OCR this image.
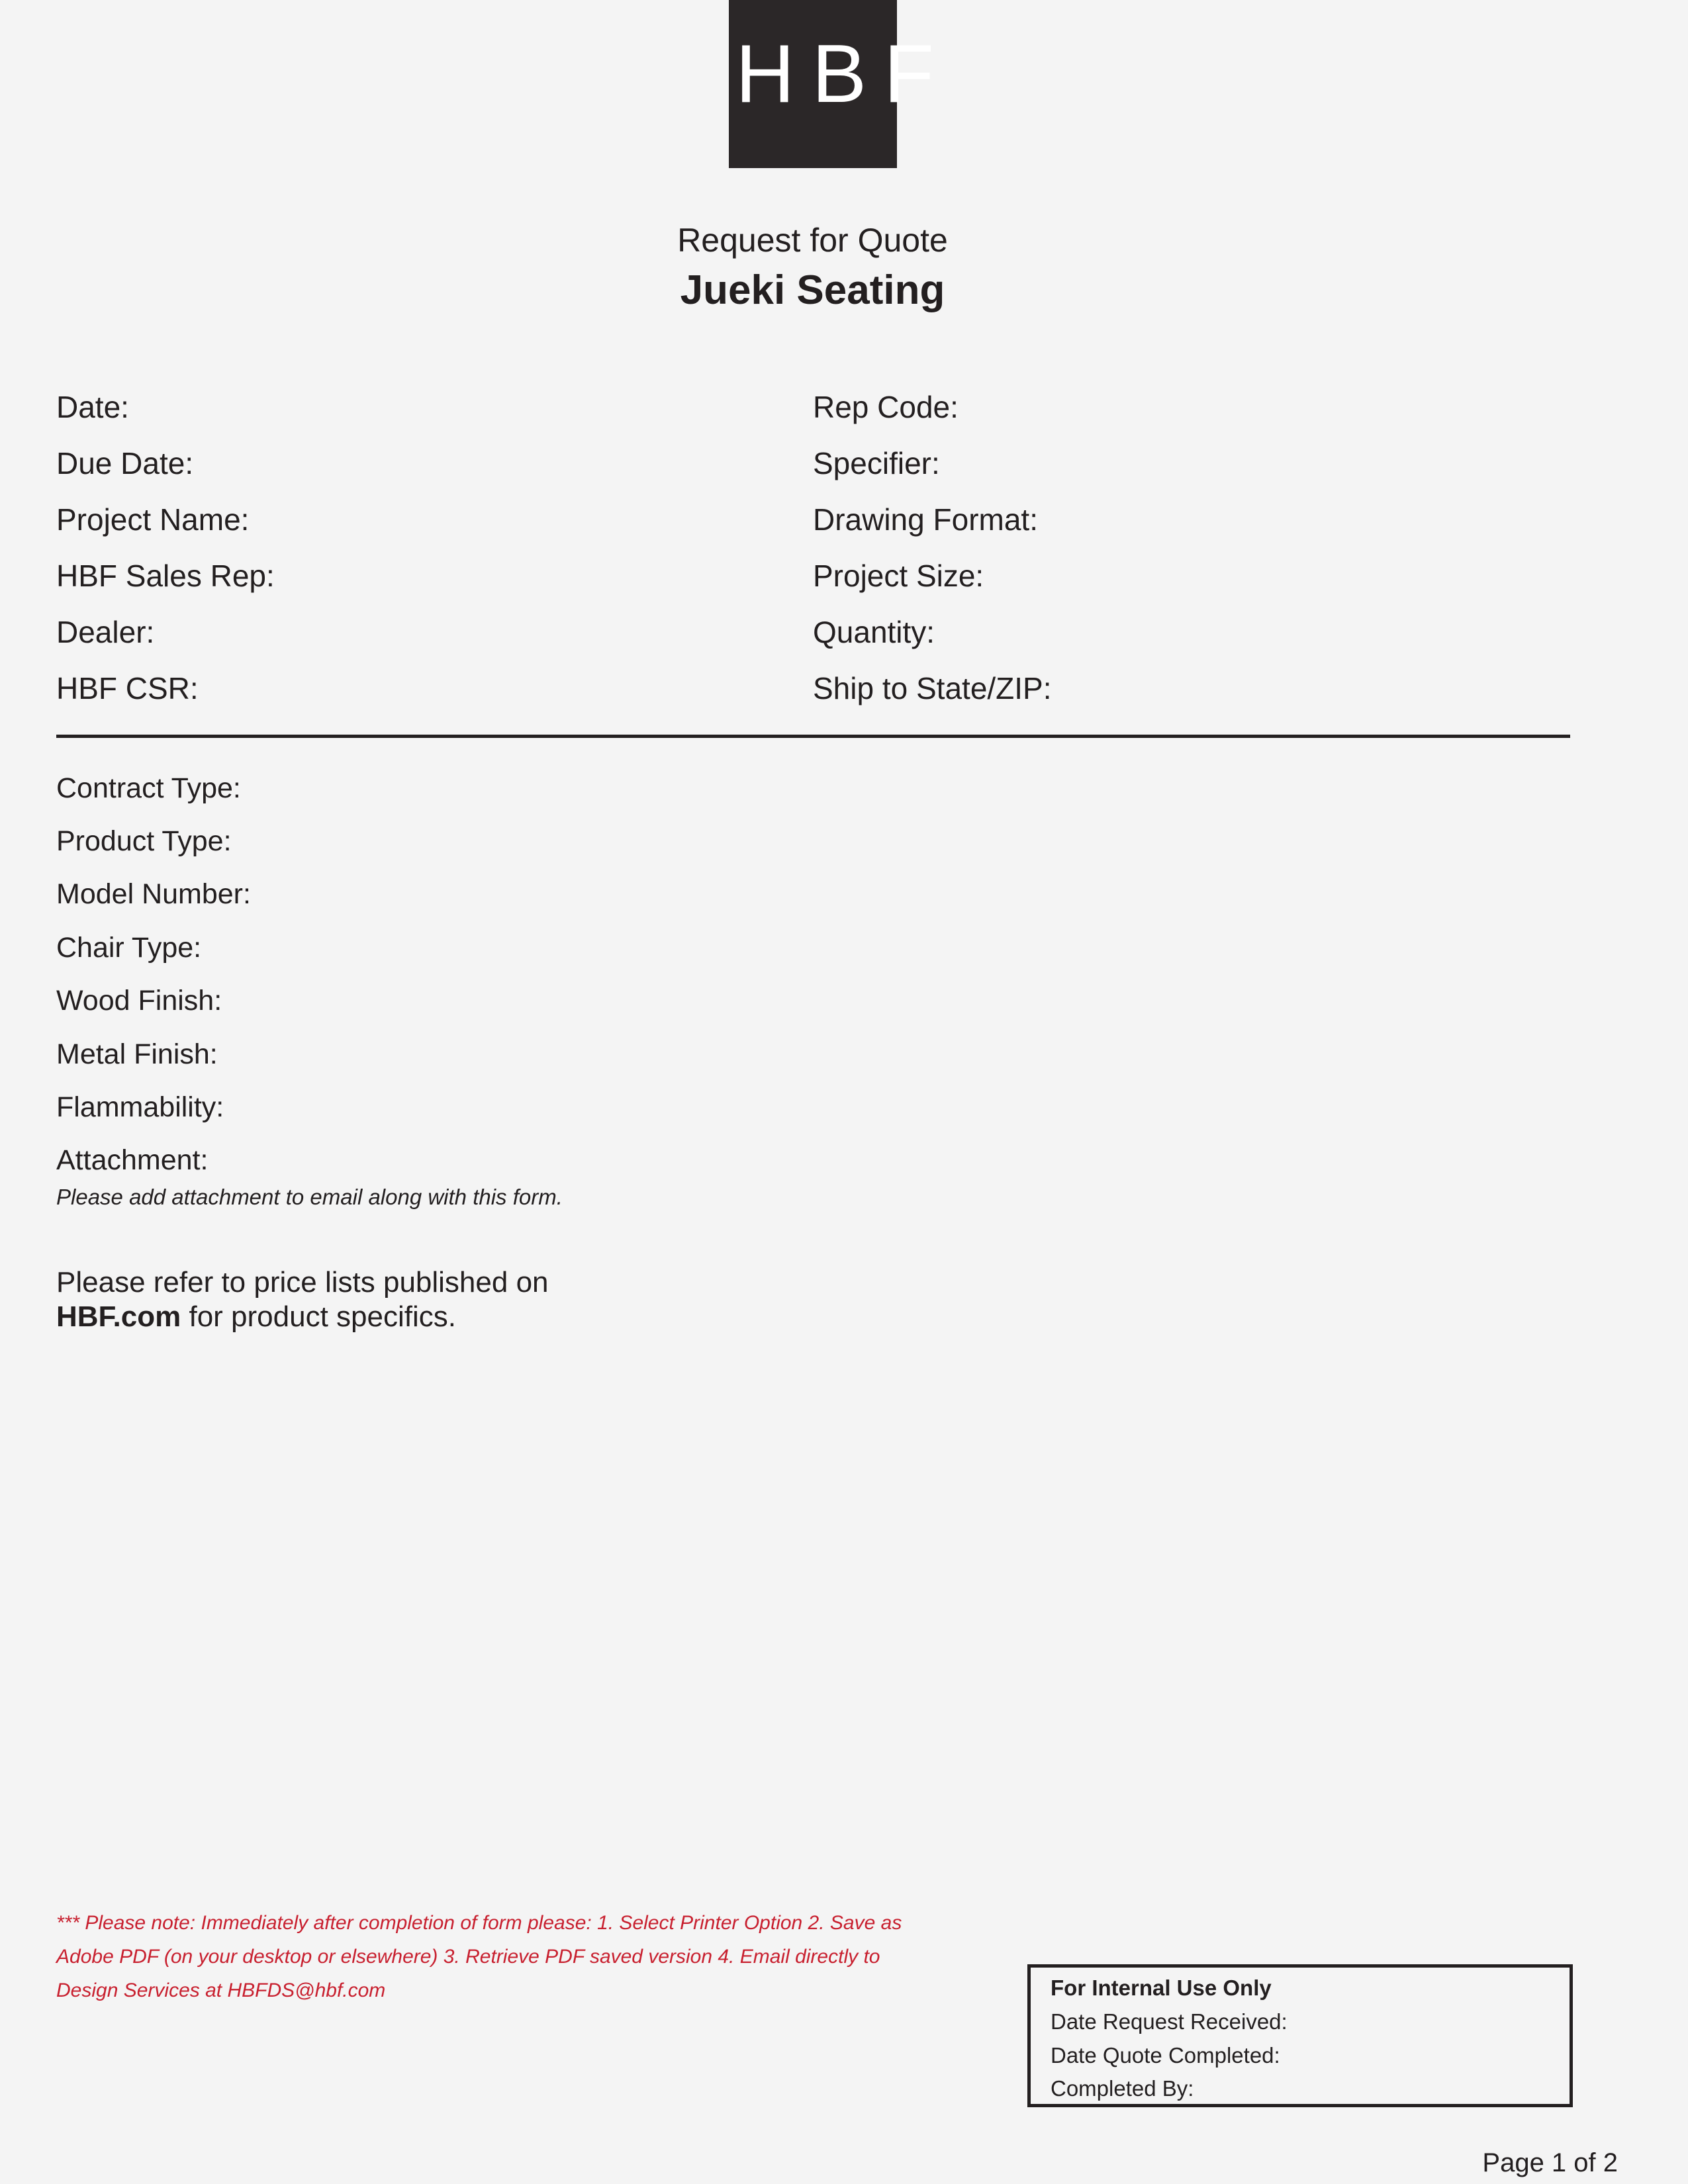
HBF
Request for Quote
Jueki Seating
Date:
Due Date:
Project Name:
HBF Sales Rep:
Dealer:
HBF CSR:
Rep Code:
Specifier:
Drawing Format:
Project Size:
Quantity:
Ship to State/ZIP:
Contract Type:
Product Type:
Model Number:
Chair Type:
Wood Finish:
Metal Finish:
Flammability:
Attachment:
Please add attachment to email along with this form.
Please refer to price lists published on
HBF.com for product specifics.
*** Please note: Immediately after completion of form please: 1. Select Printer Option 2. Save as Adobe PDF (on your desktop or elsewhere) 3. Retrieve PDF saved version 4. Email directly to Design Services at HBFDS@hbf.com	For Internal Use Only
Date Request Received:
Date Quote Completed:
Completed By:
Page 1 of 2
